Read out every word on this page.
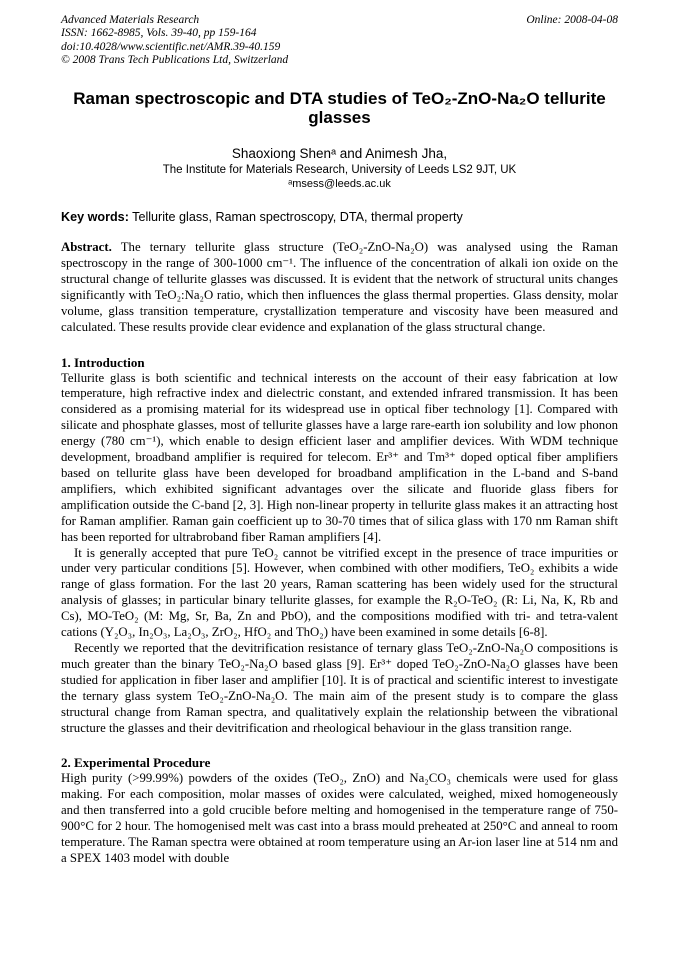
Advanced Materials Research
ISSN: 1662-8985, Vols. 39-40, pp 159-164
doi:10.4028/www.scientific.net/AMR.39-40.159
© 2008 Trans Tech Publications Ltd, Switzerland
Online: 2008-04-08
Raman spectroscopic and DTA studies of TeO₂-ZnO-Na₂O tellurite glasses
Shaoxiong Shenᵃ and Animesh Jha,
The Institute for Materials Research, University of Leeds LS2 9JT, UK
ᵃmsess@leeds.ac.uk
Key words: Tellurite glass, Raman spectroscopy, DTA, thermal property

Abstract. The ternary tellurite glass structure (TeO₂-ZnO-Na₂O) was analysed using the Raman spectroscopy in the range of 300-1000 cm⁻¹. The influence of the concentration of alkali ion oxide on the structural change of tellurite glasses was discussed. It is evident that the network of structural units changes significantly with TeO₂:Na₂O ratio, which then influences the glass thermal properties. Glass density, molar volume, glass transition temperature, crystallization temperature and viscosity have been measured and calculated. These results provide clear evidence and explanation of the glass structural change.

1. Introduction

Tellurite glass is both scientific and technical interests on the account of their easy fabrication at low temperature, high refractive index and dielectric constant, and extended infrared transmission. It has been considered as a promising material for its widespread use in optical fiber technology [1]. Compared with silicate and phosphate glasses, most of tellurite glasses have a large rare-earth ion solubility and low phonon energy (780 cm⁻¹), which enable to design efficient laser and amplifier devices. With WDM technique development, broadband amplifier is required for telecom. Er³⁺ and Tm³⁺ doped optical fiber amplifiers based on tellurite glass have been developed for broadband amplification in the L-band and S-band amplifiers, which exhibited significant advantages over the silicate and fluoride glass fibers for amplification outside the C-band [2, 3]. High non-linear property in tellurite glass makes it an attracting host for Raman amplifier. Raman gain coefficient up to 30-70 times that of silica glass with 170 nm Raman shift has been reported for ultrabroband fiber Raman amplifiers [4].

It is generally accepted that pure TeO₂ cannot be vitrified except in the presence of trace impurities or under very particular conditions [5]. However, when combined with other modifiers, TeO₂ exhibits a wide range of glass formation. For the last 20 years, Raman scattering has been widely used for the structural analysis of glasses; in particular binary tellurite glasses, for example the R₂O-TeO₂ (R: Li, Na, K, Rb and Cs), MO-TeO₂ (M: Mg, Sr, Ba, Zn and PbO), and the compositions modified with tri- and tetra-valent cations (Y₂O₃, In₂O₃, La₂O₃, ZrO₂, HfO₂ and ThO₂) have been examined in some details [6-8].

Recently we reported that the devitrification resistance of ternary glass TeO₂-ZnO-Na₂O compositions is much greater than the binary TeO₂-Na₂O based glass [9]. Er³⁺ doped TeO₂-ZnO-Na₂O glasses have been studied for application in fiber laser and amplifier [10]. It is of practical and scientific interest to investigate the ternary glass system TeO₂-ZnO-Na₂O. The main aim of the present study is to compare the glass structural change from Raman spectra, and qualitatively explain the relationship between the vibrational structure the glasses and their devitrification and rheological behaviour in the glass transition range.

2. Experimental Procedure

High purity (>99.99%) powders of the oxides (TeO₂, ZnO) and Na₂CO₃ chemicals were used for glass making. For each composition, molar masses of oxides were calculated, weighed, mixed homogeneously and then transferred into a gold crucible before melting and homogenised in the temperature range of 750-900°C for 2 hour. The homogenised melt was cast into a brass mould preheated at 250°C and anneal to room temperature. The Raman spectra were obtained at room temperature using an Ar-ion laser line at 514 nm and a SPEX 1403 model with double
